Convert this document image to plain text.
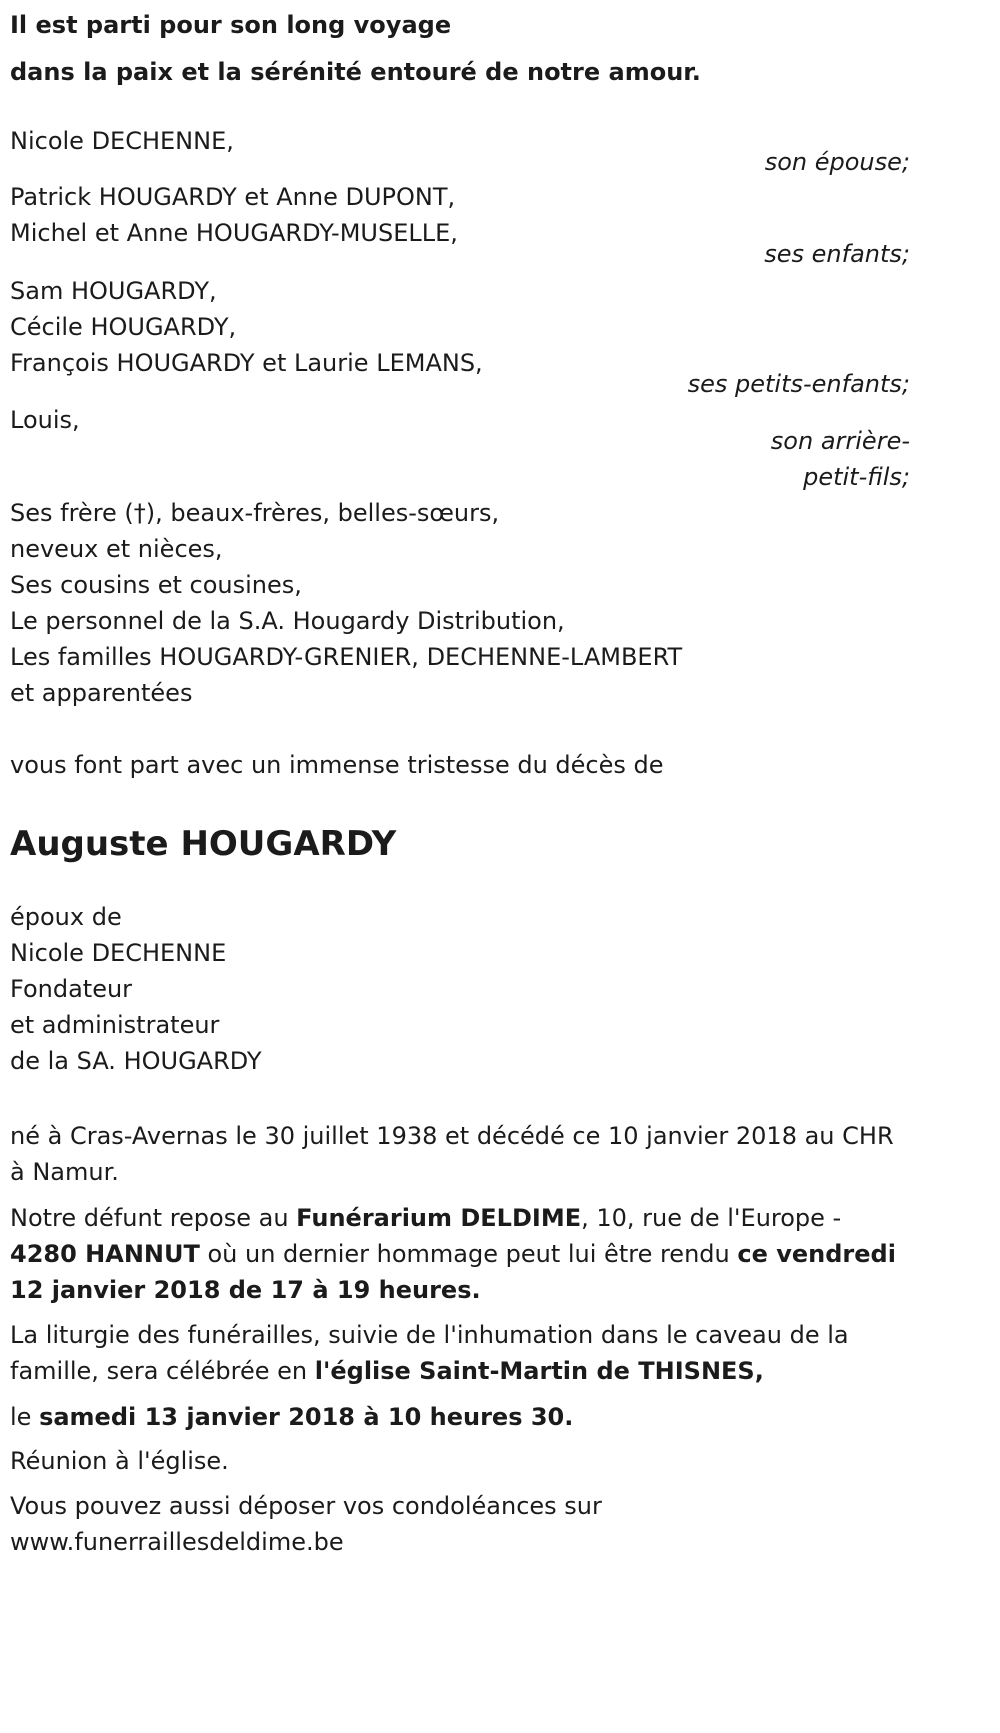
Il est parti pour son long voyage
dans la paix et la sérénité entouré de notre amour.
Nicole DECHENNE,
son épouse;
Patrick HOUGARDY et Anne DUPONT,
Michel et Anne HOUGARDY-MUSELLE,
ses enfants;
Sam HOUGARDY,
Cécile HOUGARDY,
François HOUGARDY et Laurie LEMANS,
ses petits-enfants;
Louis,
son arrière-
petit-fils;
Ses frère (†), beaux-frères, belles-sœurs,
neveux et nièces,
Ses cousins et cousines,
Le personnel de la S.A. Hougardy Distribution,
Les familles HOUGARDY-GRENIER, DECHENNE-LAMBERT
et apparentées
vous font part avec un immense tristesse du décès de
Auguste HOUGARDY
époux de
Nicole DECHENNE
Fondateur
et administrateur
de la SA. HOUGARDY
né à Cras-Avernas le 30 juillet 1938 et décédé ce 10 janvier 2018 au CHR à Namur.
Notre défunt repose au Funérarium DELDIME, 10, rue de l'Europe - 4280 HANNUT où un dernier hommage peut lui être rendu ce vendredi 12 janvier 2018 de 17 à 19 heures.
La liturgie des funérailles, suivie de l'inhumation dans le caveau de la famille, sera célébrée en l'église Saint-Martin de THISNES,
le samedi 13 janvier 2018 à 10 heures 30.
Réunion à l'église.
Vous pouvez aussi déposer vos condoléances sur
www.funerraillesdeldime.be
